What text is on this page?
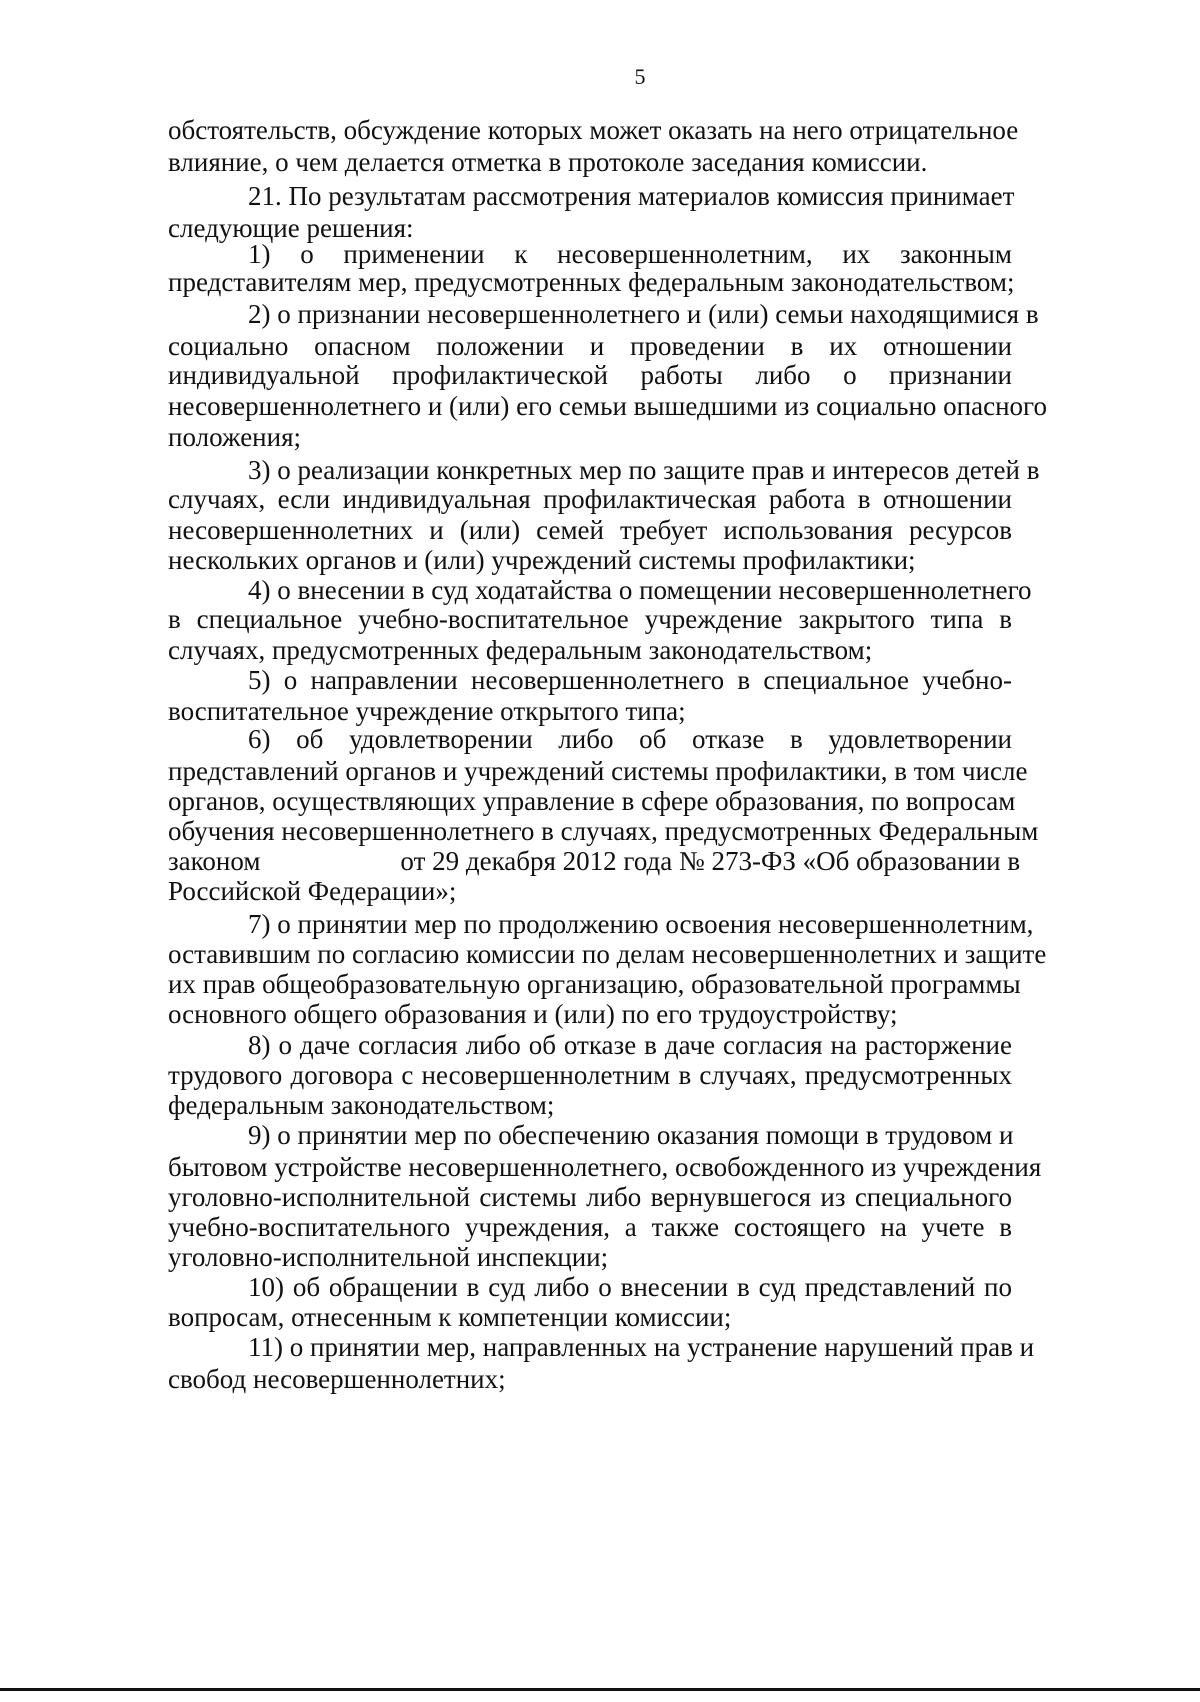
5
обстоятельств, обсуждение которых может оказать на него отрицательное
влияние, о чем делается отметка в протоколе заседания комиссии.
21. По результатам рассмотрения материалов комиссия принимает
следующие решения:
1) о применении к несовершеннолетним, их законным
представителям мер, предусмотренных федеральным законодательством;
2) о признании несовершеннолетнего и (или) семьи находящимися в
социально опасном положении и проведении в их отношении
индивидуальной профилактической работы либо о признании
несовершеннолетнего и (или) его семьи вышедшими из социально опасного
положения;
3) о реализации конкретных мер по защите прав и интересов детей в
случаях, если индивидуальная профилактическая работа в отношении
несовершеннолетних и (или) семей требует использования ресурсов
нескольких органов и (или) учреждений системы профилактики;
4) о внесении в суд ходатайства о помещении несовершеннолетнего
в специальное учебно-воспитательное учреждение закрытого типа в
случаях, предусмотренных федеральным законодательством;
5) о направлении несовершеннолетнего в специальное учебно-
воспитательное учреждение открытого типа;
6) об удовлетворении либо об отказе в удовлетворении
представлений органов и учреждений системы профилактики, в том числе
органов, осуществляющих управление в сфере образования, по вопросам
обучения несовершеннолетнего в случаях, предусмотренных Федеральным
законом	от 29 декабря 2012 года № 273-ФЗ «Об образовании в
Российской Федерации»;
7) о принятии мер по продолжению освоения несовершеннолетним,
оставившим по согласию комиссии по делам несовершеннолетних и защите
их прав общеобразовательную организацию, образовательной программы
основного общего образования и (или) по его трудоустройству;
8) о даче согласия либо об отказе в даче согласия на расторжение
трудового договора с несовершеннолетним в случаях, предусмотренных
федеральным законодательством;
9) о принятии мер по обеспечению оказания помощи в трудовом и
бытовом устройстве несовершеннолетнего, освобожденного из учреждения
уголовно-исполнительной системы либо вернувшегося из специального
учебно-воспитательного учреждения, а также состоящего на учете в
уголовно-исполнительной инспекции;
10) об обращении в суд либо о внесении в суд представлений по
вопросам, отнесенным к компетенции комиссии;
11) о принятии мер, направленных на устранение нарушений прав и
свобод несовершеннолетних;
